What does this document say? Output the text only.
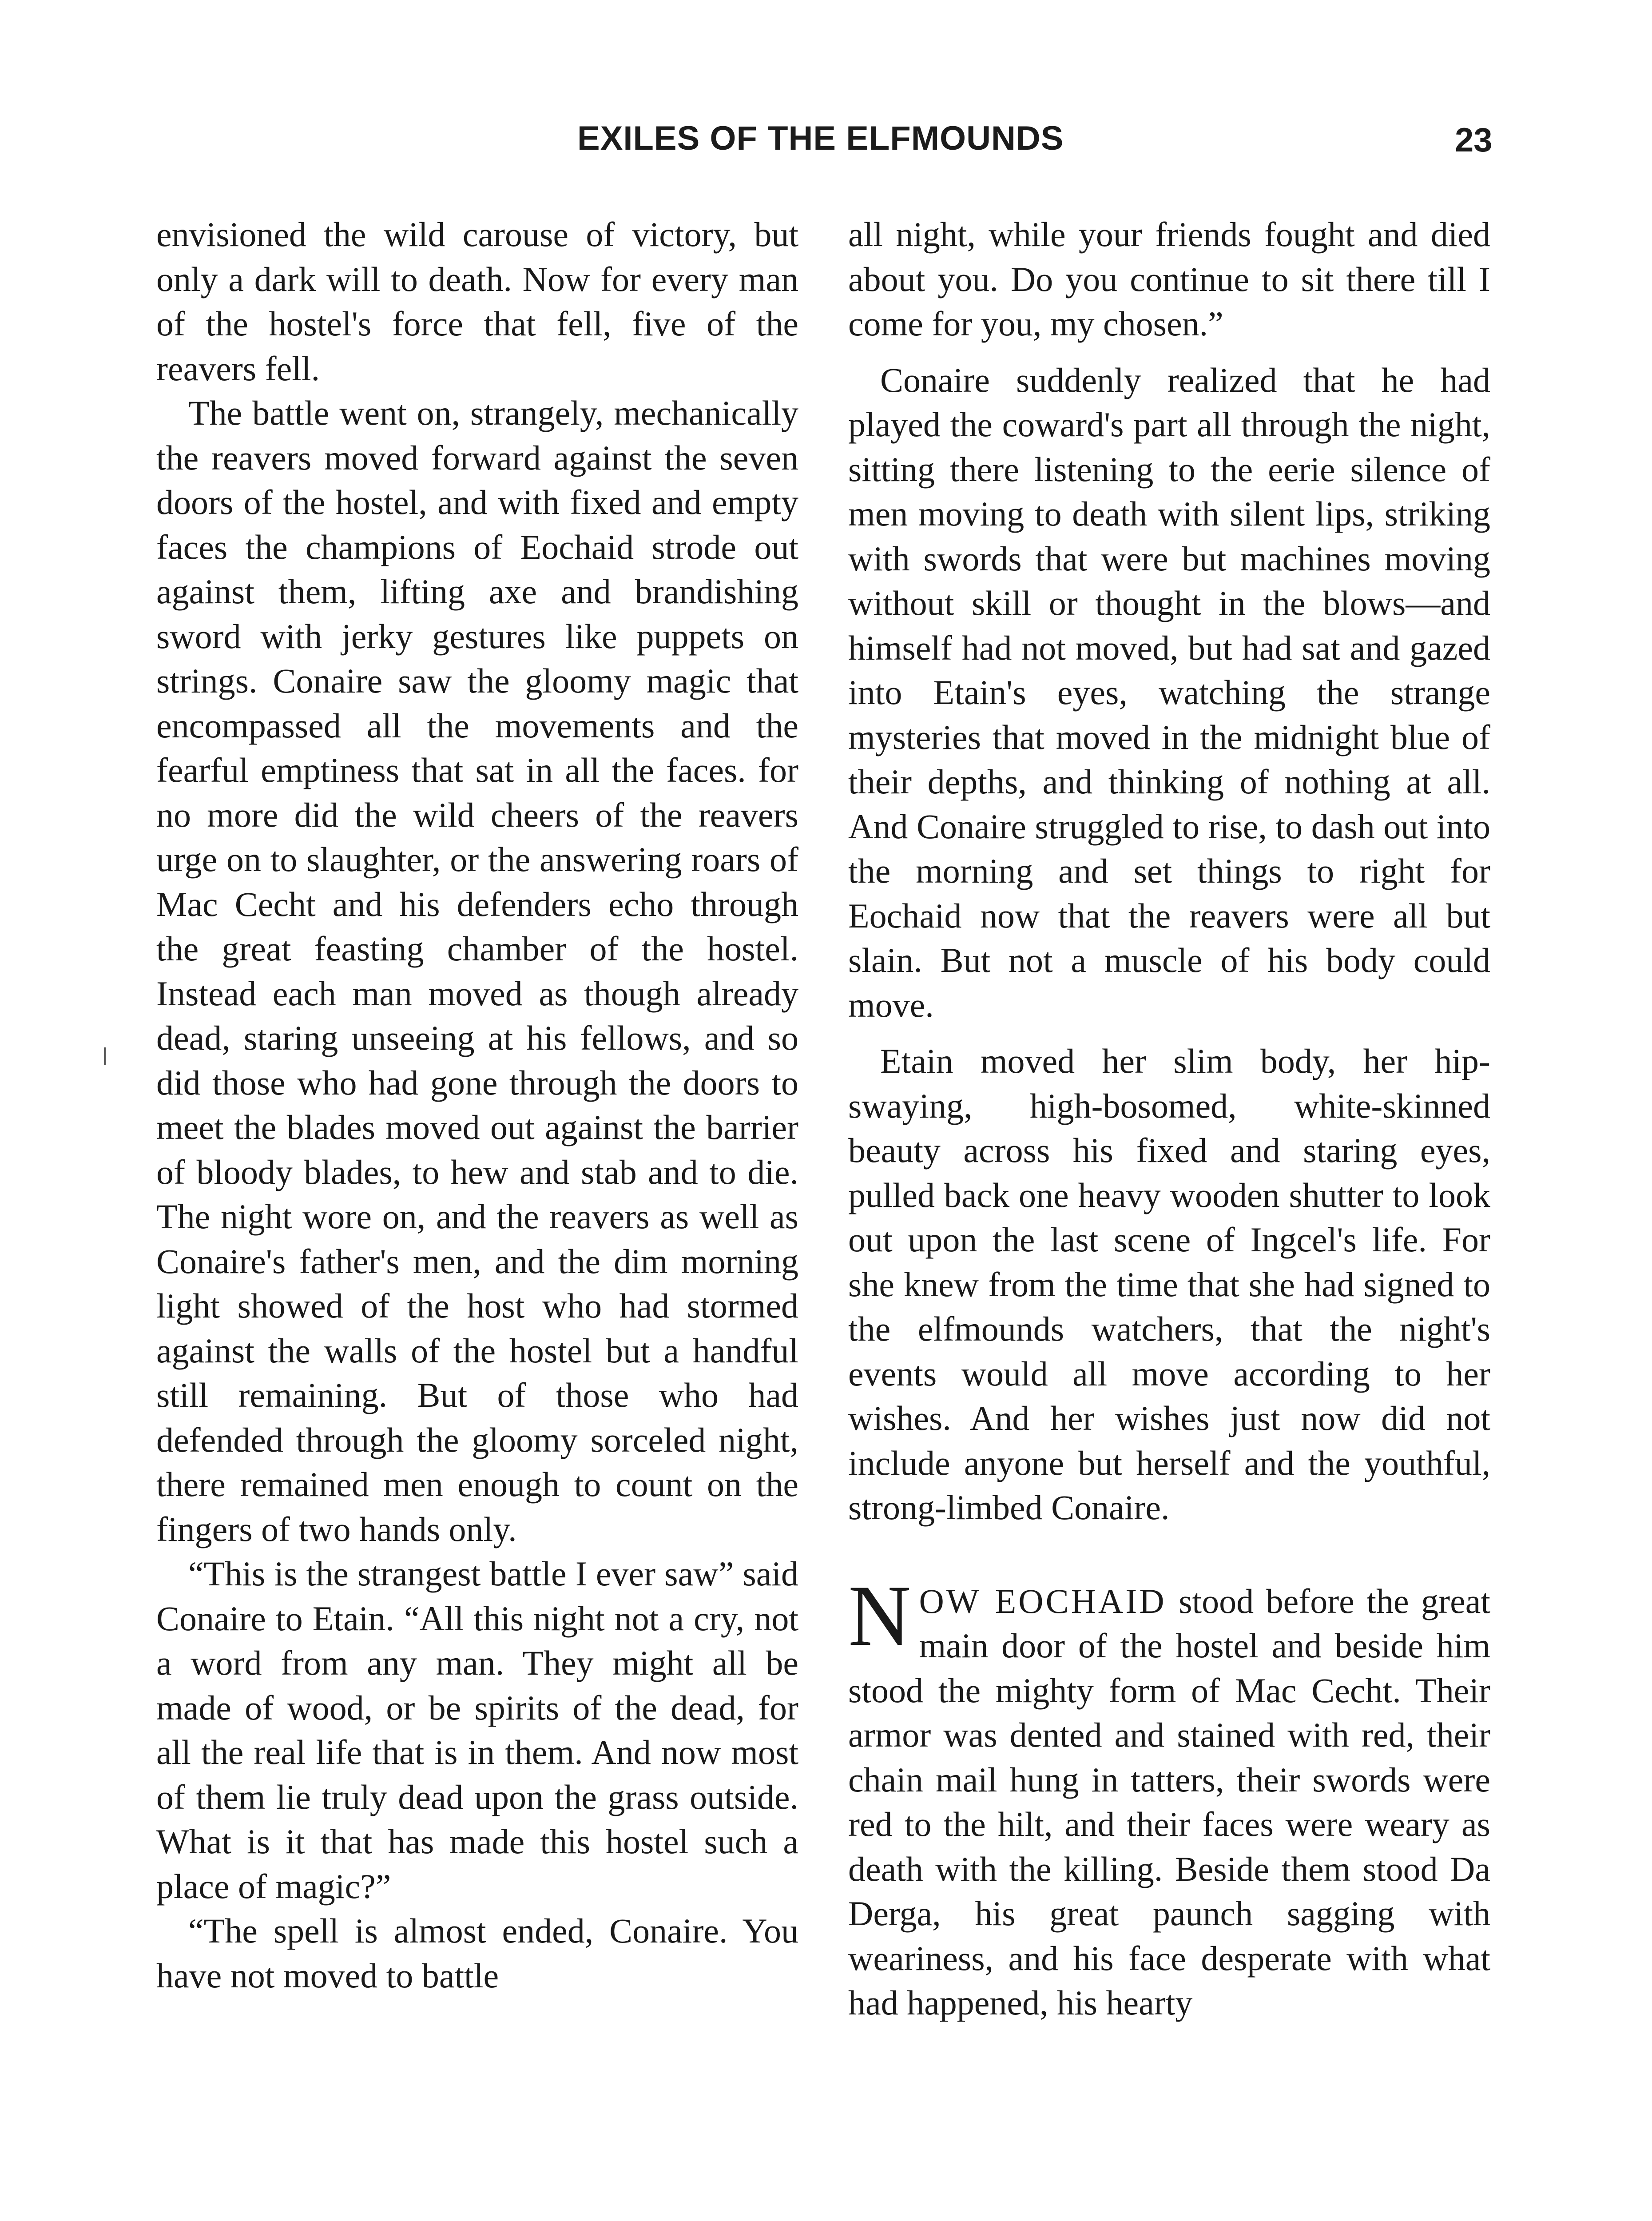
EXILES OF THE ELFMOUNDS	23

envisioned the wild carouse of victory, but only a dark will to death. Now for every man of the hostel's force that fell, five of the reavers fell.

The battle went on, strangely, mechanically the reavers moved forward against the seven doors of the hostel, and with fixed and empty faces the champions of Eochaid strode out against them, lifting axe and brandishing sword with jerky gestures like puppets on strings. Conaire saw the gloomy magic that encompassed all the movements and the fearful emptiness that sat in all the faces. for no more did the wild cheers of the reavers urge on to slaughter, or the answering roars of Mac Cecht and his defenders echo through the great feasting chamber of the hostel. Instead each man moved as though already dead, staring unseeing at his fellows, and so did those who had gone through the doors to meet the blades moved out against the barrier of bloody blades, to hew and stab and to die. The night wore on, and the reavers as well as Conaire's father's men, and the dim morning light showed of the host who had stormed against the walls of the hostel but a handful still remaining. But of those who had defended through the gloomy sorceled night, there remained men enough to count on the fingers of two hands only.

“This is the strangest battle I ever saw” said Conaire to Etain. “All this night not a cry, not a word from any man. They might all be made of wood, or be spirits of the dead, for all the real life that is in them. And now most of them lie truly dead upon the grass outside. What is it that has made this hostel such a place of magic?”

“The spell is almost ended, Conaire. You have not moved to battle

all night, while your friends fought and died about you. Do you continue to sit there till I come for you, my chosen.”

Conaire suddenly realized that he had played the coward's part all through the night, sitting there listening to the eerie silence of men moving to death with silent lips, striking with swords that were but machines moving without skill or thought in the blows—and himself had not moved, but had sat and gazed into Etain's eyes, watching the strange mysteries that moved in the midnight blue of their depths, and thinking of nothing at all. And Conaire struggled to rise, to dash out into the morning and set things to right for Eochaid now that the reavers were all but slain. But not a muscle of his body could move.

Etain moved her slim body, her hip-swaying, high-bosomed, white-skinned beauty across his fixed and staring eyes, pulled back one heavy wooden shutter to look out upon the last scene of Ingcel's life. For she knew from the time that she had signed to the elfmounds watchers, that the night's events would all move according to her wishes. And her wishes just now did not include anyone but herself and the youthful, strong-limbed Conaire.

NOW EOCHAID stood before the great main door of the hostel and beside him stood the mighty form of Mac Cecht. Their armor was dented and stained with red, their chain mail hung in tatters, their swords were red to the hilt, and their faces were weary as death with the killing. Beside them stood Da Derga, his great paunch sagging with weariness, and his face desperate with what had happened, his hearty
